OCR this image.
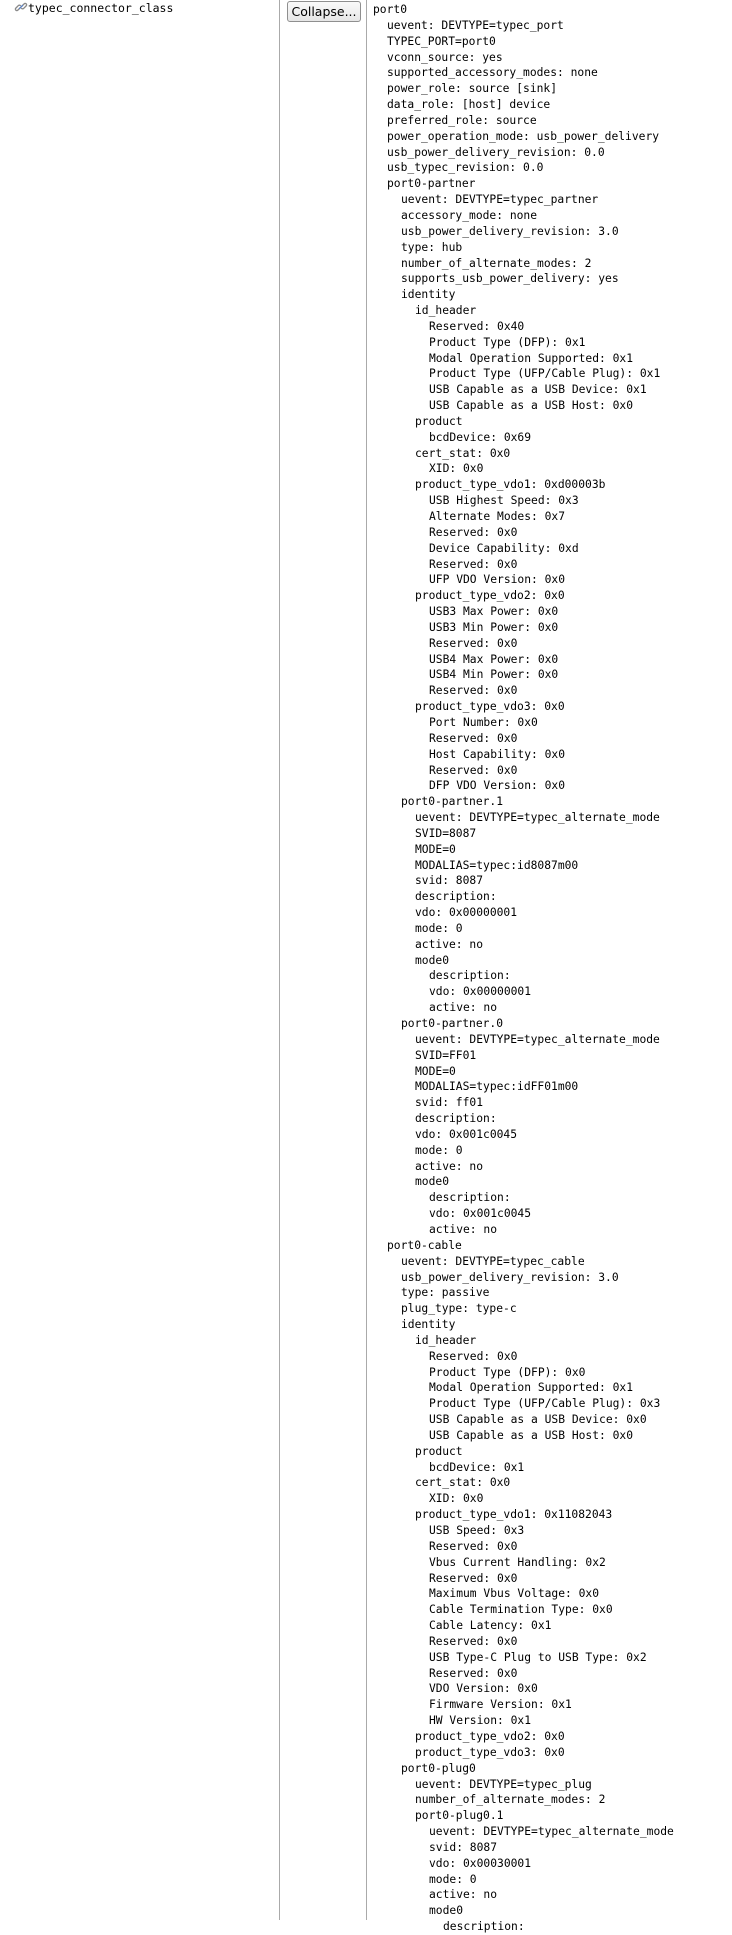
typec_connector_class	Collapse...	port0
uevent: DEVTYPE=typec_port
TYPEC_PORT=port0
vconn_source: yes
supported_accessory_modes: none
power_role: source [sink]
data_role: [host] device
preferred_role: source
power_operation_mode: usb_power_delivery
usb_power_delivery_revision: 0.0
usb_typec_revision: 0.0
port0-partner
uevent: DEVTYPE=typec_partner
accessory_mode: none
usb_power_delivery_revision: 3.0
type: hub
number_of_alternate_modes: 2
supports_usb_power_delivery: yes
identity
id_header
Reserved: 0x40
Product Type (DFP): 0x1
Modal Operation Supported: 0x1
Product Type (UFP/Cable Plug): 0x1
USB Capable as a USB Device: 0x1
USB Capable as a USB Host: 0x0
product
bcdDevice: 0x69
cert_stat: 0x0
XID: 0x0
product_type_vdo1: 0xd00003b
USB Highest Speed: 0x3
Alternate Modes: 0x7
Reserved: 0x0
Device Capability: 0xd
Reserved: 0x0
UFP VDO Version: 0x0
product_type_vdo2: 0x0
USB3 Max Power: 0x0
USB3 Min Power: 0x0
Reserved: 0x0
USB4 Max Power: 0x0
USB4 Min Power: 0x0
Reserved: 0x0
product_type_vdo3: 0x0
Port Number: 0x0
Reserved: 0x0
Host Capability: 0x0
Reserved: 0x0
DFP VDO Version: 0x0
port0-partner.1
uevent: DEVTYPE=typec_alternate_mode
SVID=8087
MODE=0
MODALIAS=typec:id8087m00
svid: 8087
description:
vdo: 0x00000001
mode: 0
active: no
mode0
description:
vdo: 0x00000001
active: no
port0-partner.0
uevent: DEVTYPE=typec_alternate_mode
SVID=FF01
MODE=0
MODALIAS=typec:idFF01m00
svid: ff01
description:
vdo: 0x001c0045
mode: 0
active: no
mode0
description:
vdo: 0x001c0045
active: no
port0-cable
uevent: DEVTYPE=typec_cable
usb_power_delivery_revision: 3.0
type: passive
plug_type: type-c
identity
id_header
Reserved: 0x0
Product Type (DFP): 0x0
Modal Operation Supported: 0x1
Product Type (UFP/Cable Plug): 0x3
USB Capable as a USB Device: 0x0
USB Capable as a USB Host: 0x0
product
bcdDevice: 0x1
cert_stat: 0x0
XID: 0x0
product_type_vdo1: 0x11082043
USB Speed: 0x3
Reserved: 0x0
Vbus Current Handling: 0x2
Reserved: 0x0
Maximum Vbus Voltage: 0x0
Cable Termination Type: 0x0
Cable Latency: 0x1
Reserved: 0x0
USB Type-C Plug to USB Type: 0x2
Reserved: 0x0
VDO Version: 0x0
Firmware Version: 0x1
HW Version: 0x1
product_type_vdo2: 0x0
product_type_vdo3: 0x0
port0-plug0
uevent: DEVTYPE=typec_plug
number_of_alternate_modes: 2
port0-plug0.1
uevent: DEVTYPE=typec_alternate_mode
svid: 8087
vdo: 0x00030001
mode: 0
active: no
mode0
description:
